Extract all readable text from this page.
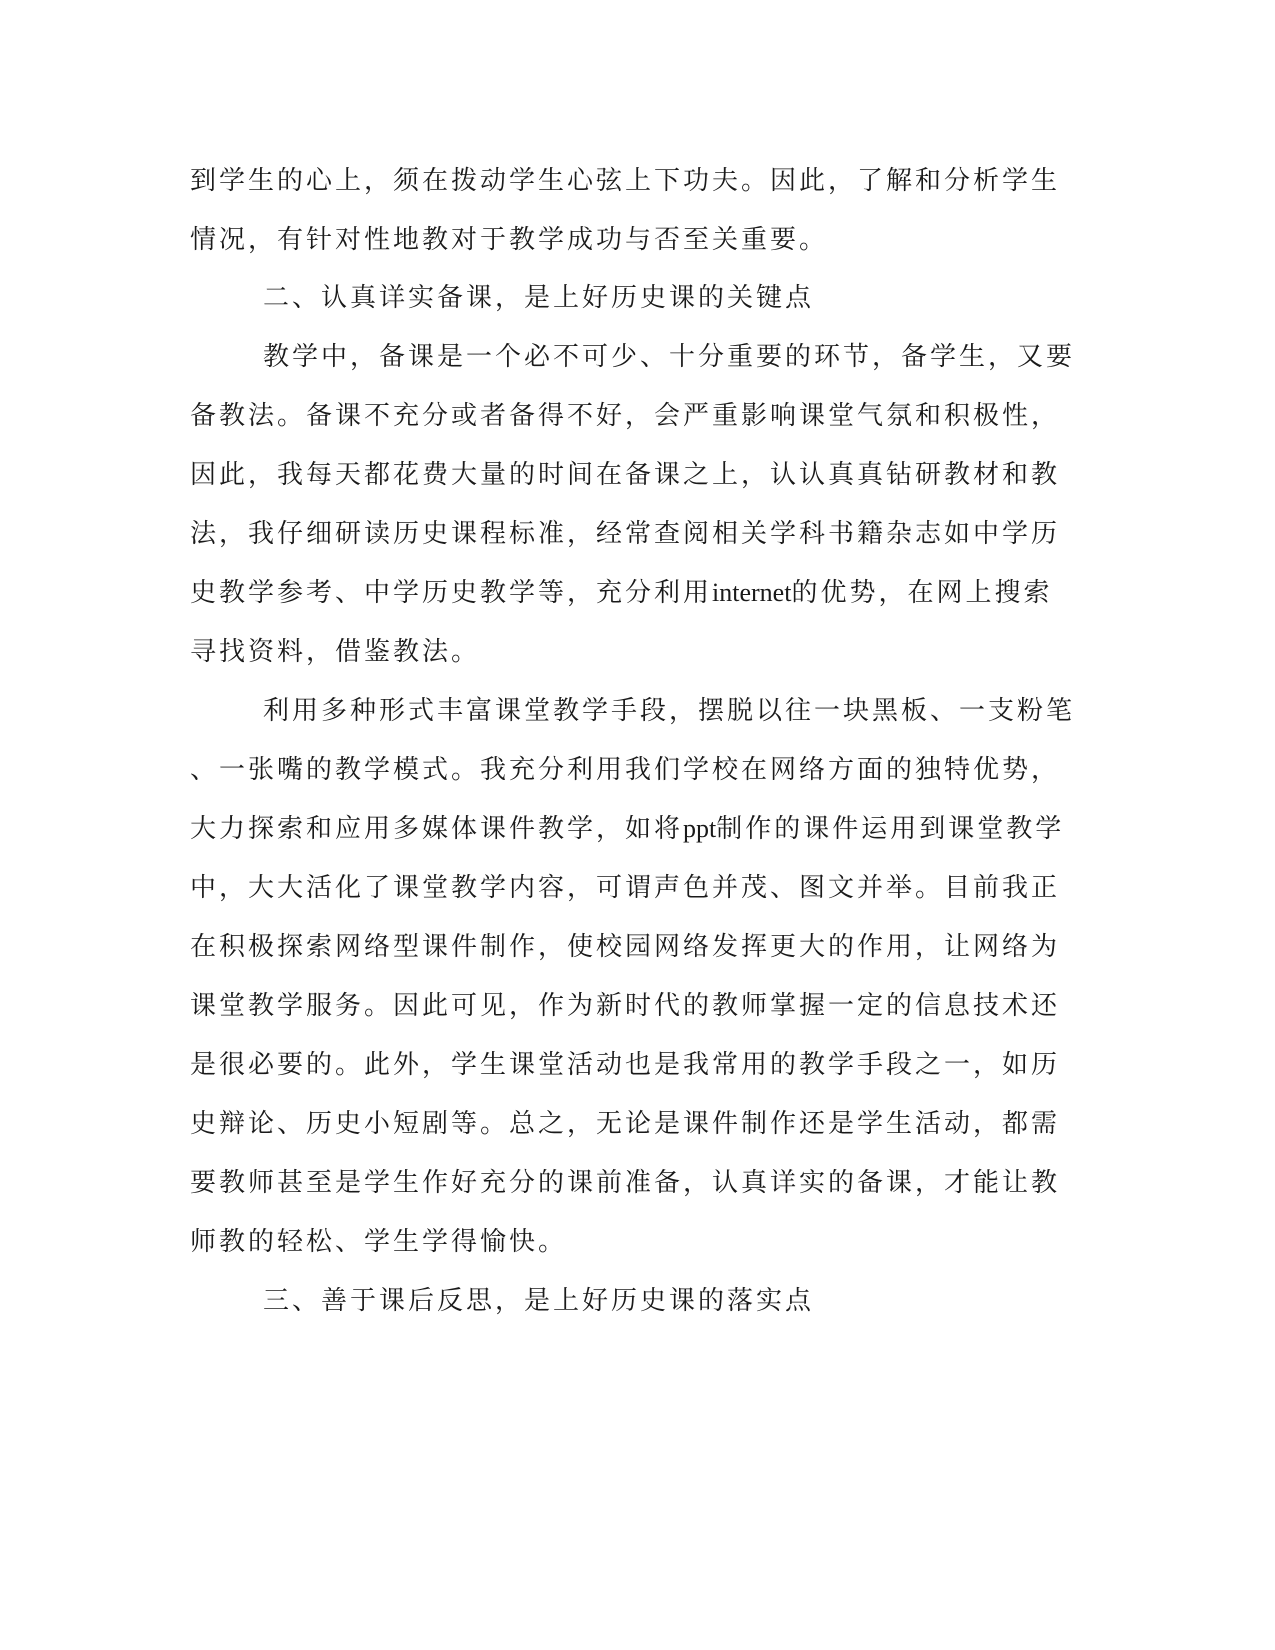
到学生的心上，须在拨动学生心弦上下功夫。因此，了解和分析学生
情况，有针对性地教对于教学成功与否至关重要。
二、认真详实备课，是上好历史课的关键点
教学中，备课是一个必不可少、十分重要的环节，备学生，又要
备教法。备课不充分或者备得不好，会严重影响课堂气氛和积极性，
因此，我每天都花费大量的时间在备课之上，认认真真钻研教材和教
法，我仔细研读历史课程标准，经常查阅相关学科书籍杂志如中学历
史教学参考、中学历史教学等，充分利用internet的优势，在网上搜索
寻找资料，借鉴教法。
利用多种形式丰富课堂教学手段，摆脱以往一块黑板、一支粉笔
、一张嘴的教学模式。我充分利用我们学校在网络方面的独特优势，
大力探索和应用多媒体课件教学，如将ppt制作的课件运用到课堂教学
中，大大活化了课堂教学内容，可谓声色并茂、图文并举。目前我正
在积极探索网络型课件制作，使校园网络发挥更大的作用，让网络为
课堂教学服务。因此可见，作为新时代的教师掌握一定的信息技术还
是很必要的。此外，学生课堂活动也是我常用的教学手段之一，如历
史辩论、历史小短剧等。总之，无论是课件制作还是学生活动，都需
要教师甚至是学生作好充分的课前准备，认真详实的备课，才能让教
师教的轻松、学生学得愉快。
三、善于课后反思，是上好历史课的落实点
